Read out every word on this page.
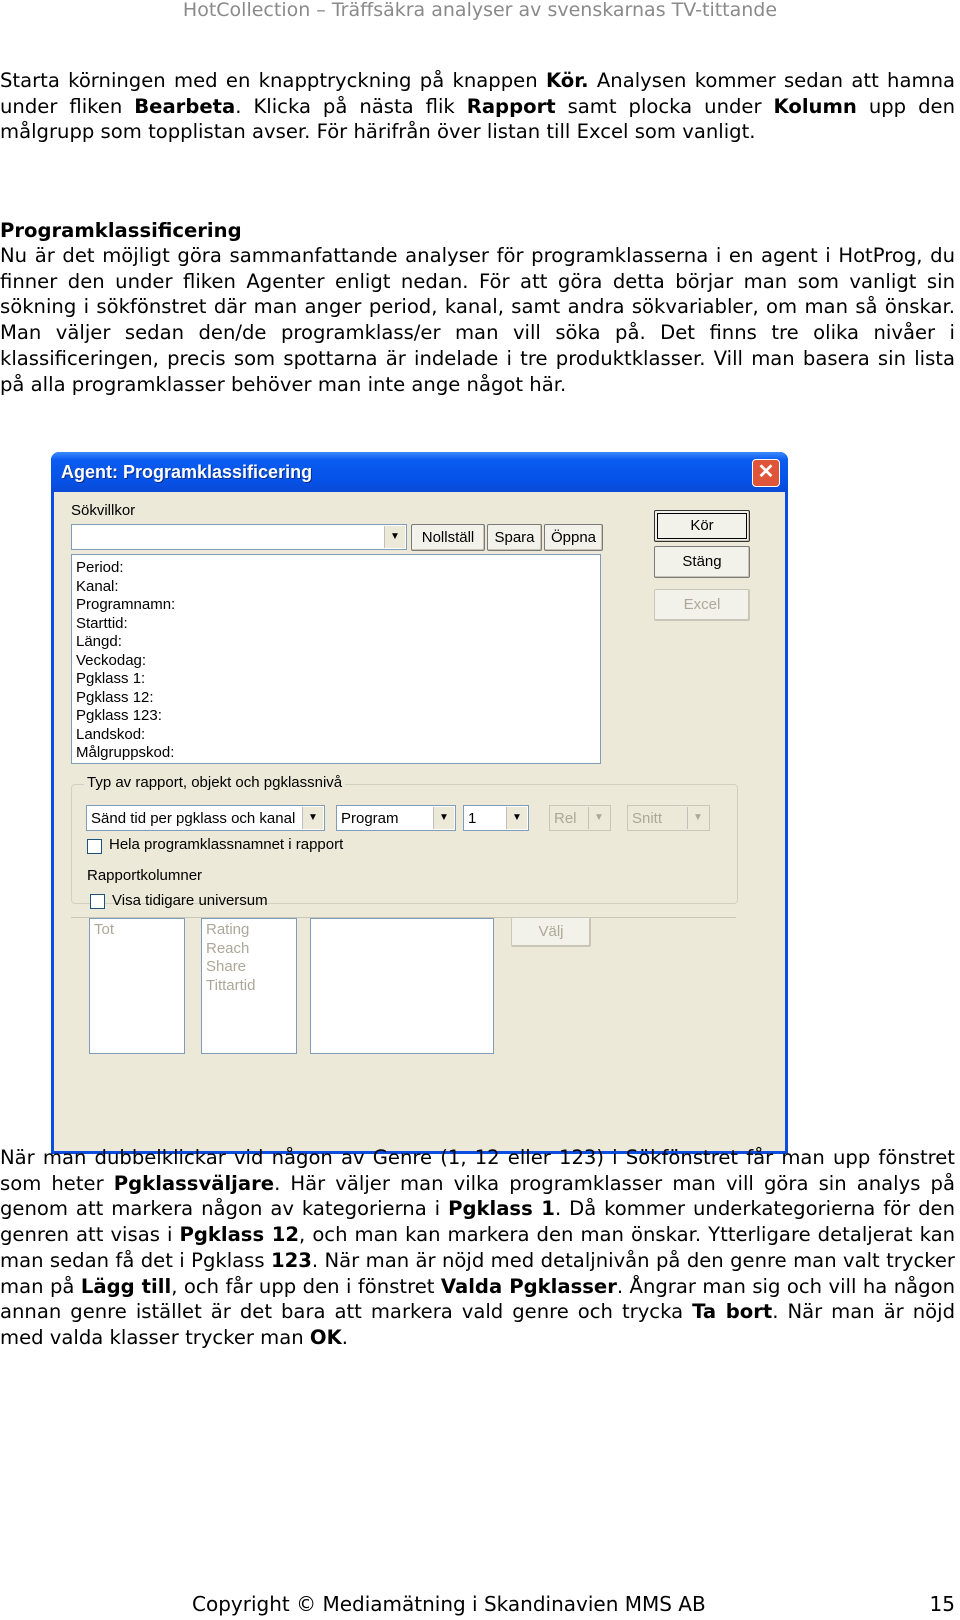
HotCollection – Träffsäkra analyser av svenskarnas TV-tittande
Starta körningen med en knapptryckning på knappen Kör. Analysen kommer sedan att hamna under fliken Bearbeta. Klicka på nästa flik Rapport samt plocka under Kolumn upp den målgrupp som topplistan avser. För härifrån över listan till Excel som vanligt.
Programklassificering
Nu är det möjligt göra sammanfattande analyser för programklasserna i en agent i HotProg, du finner den under fliken Agenter enligt nedan. För att göra detta börjar man som vanligt sin sökning i sökfönstret där man anger period, kanal, samt andra sökvariabler, om man så önskar. Man väljer sedan den/de programklass/er man vill söka på. Det finns tre olika nivåer i klassificeringen, precis som spottarna är indelade i tre produktklasser. Vill man basera sin lista på alla programklasser behöver man inte ange något här.
Agent: Programklassificering	✕
Sökvillkor
▼	Nollställ	Spara	Öppna
Kör
Stäng
Excel
Period:
Kanal:
Programnamn:
Starttid:
Längd:
Veckodag:
Pgklass 1:
Pgklass 12:
Pgklass 123:
Landskod:
Målgruppskod:
Typ av rapport, objekt och pgklassnivå
Sänd tid per pgklass och kanal	▼	Program	▼	1	▼	Rel	▼	Snitt	▼
Hela programklassnamnet i rapport
Rapportkolumner
Visa tidigare universum
Tot	Rating
Reach
Share
Tittartid
Välj
När man dubbelklickar vid någon av Genre (1, 12 eller 123) i Sökfönstret får man upp fönstret som heter Pgklassväljare. Här väljer man vilka programklasser man vill göra sin analys på genom att markera någon av kategorierna i Pgklass 1. Då kommer underkategorierna för den genren att visas i Pgklass 12, och man kan markera den man önskar. Ytterligare detaljerat kan man sedan få det i Pgklass 123. När man är nöjd med detaljnivån på den genre man valt trycker man på Lägg till, och får upp den i fönstret Valda Pgklasser. Ångrar man sig och vill ha någon annan genre istället är det bara att markera vald genre och trycka Ta bort. När man är nöjd med valda klasser trycker man OK.
Copyright © Mediamätning i Skandinavien MMS AB	15
